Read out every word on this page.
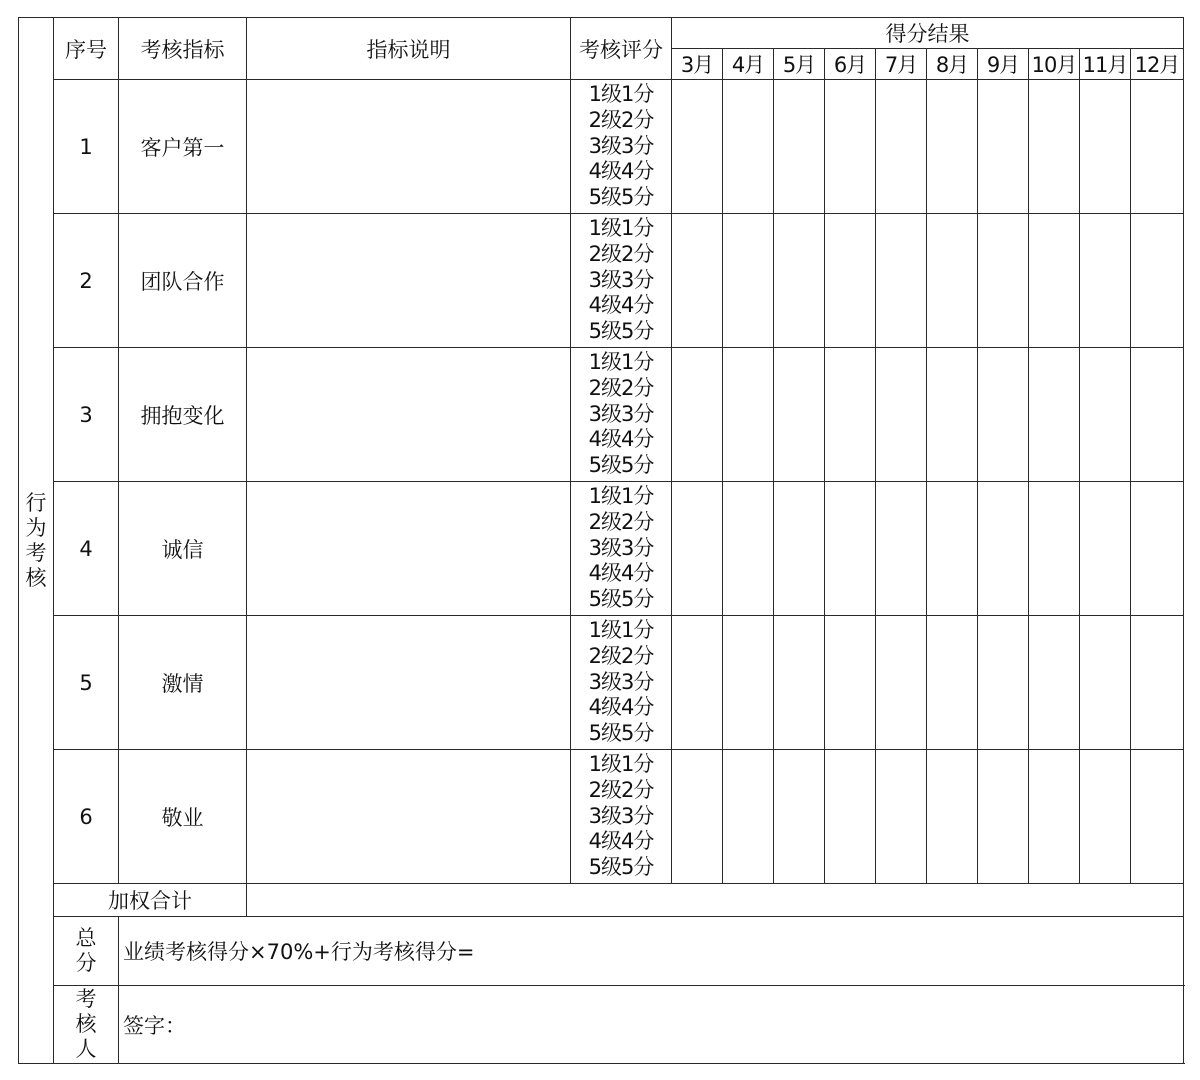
行
为
考
核	序号	考核指标	指标说明	考核评分	得分结果									
					3月	4月	5月	6月	7月	8月	9月	10月	11月	12月
	1	客户第一		1级1分
2级2分
3级3分
4级4分
5级5分										

	2	团队合作		1级1分
2级2分
3级3分
4级4分
5级5分										

	3	拥抱变化		1级1分
2级2分
3级3分
4级4分
5级5分										

	4	诚信		1级1分
2级2分
3级3分
4级4分
5级5分										

	5	激情		1级1分
2级2分
3级3分
4级4分
5级5分										

	6	敬业		1级1分
2级2分
3级3分
4级4分
5级5分										

	加权合计													

	总
分	业绩考核得分×70%+行为考核得分=												

	考
核
人	签字：												
